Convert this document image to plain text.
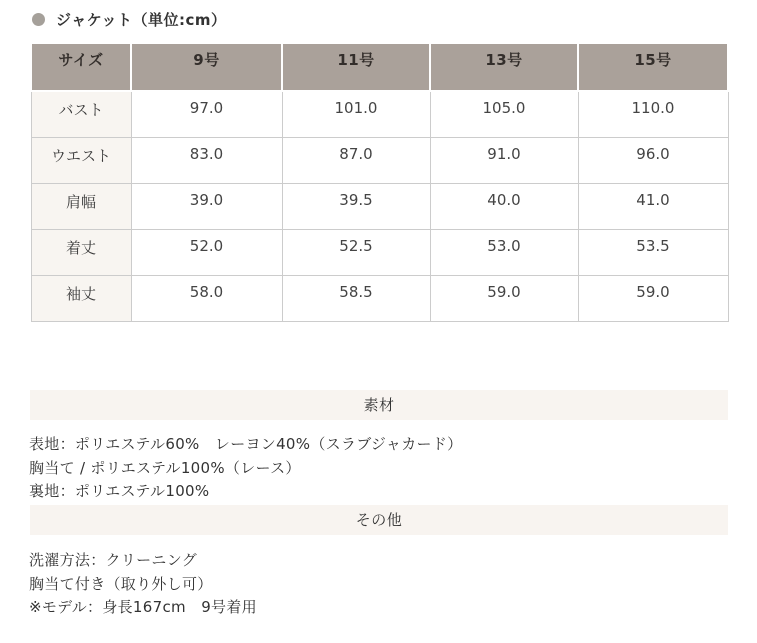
ジャケット（単位:cm）
サイズ	9号	11号	13号	15号
バスト	97.0	101.0	105.0	110.0
ウエスト	83.0	87.0	91.0	96.0
肩幅	39.0	39.5	40.0	41.0
着丈	52.0	52.5	53.0	53.5
袖丈	58.0	58.5	59.0	59.0
素材
表地：ポリエステル60%　レーヨン40%（スラブジャカード）
胸当て / ポリエステル100%（レース）
裏地：ポリエステル100%
その他
洗濯方法：クリーニング
胸当て付き（取り外し可）
※モデル：身長167cm　9号着用
